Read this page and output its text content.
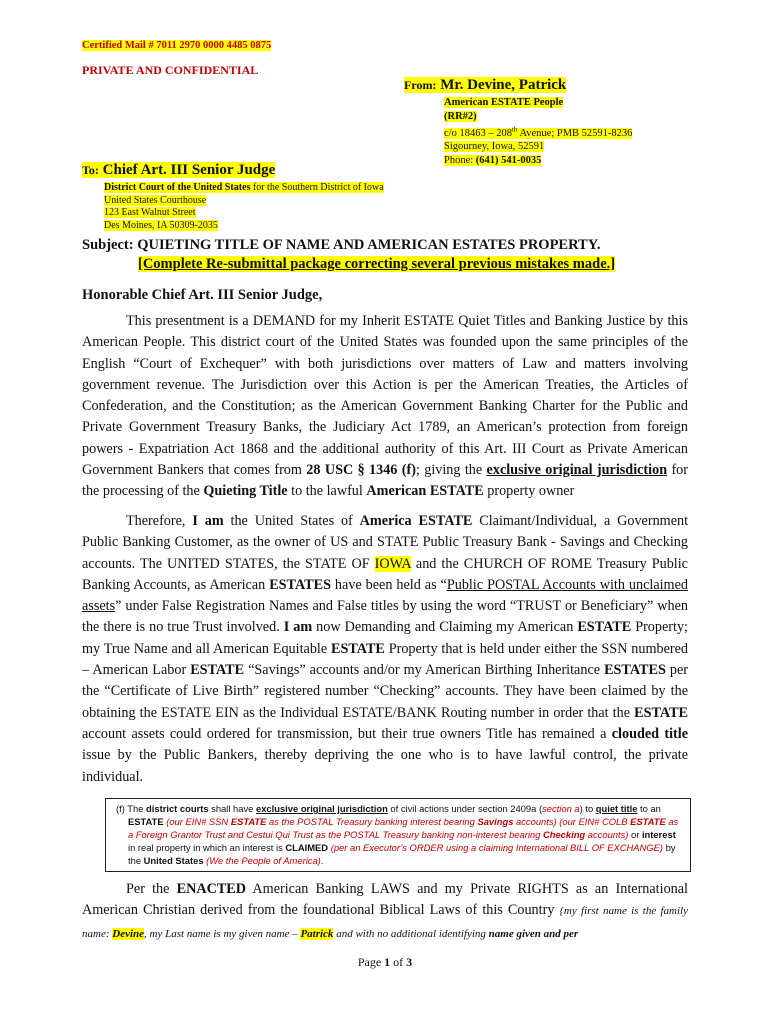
Certified Mail # 7011 2970 0000 4485 0875
PRIVATE AND CONFIDENTIAL
From: Mr. Devine, Patrick
American ESTATE People
(RR#2)
c/o 18463 – 208th Avenue; PMB 52591-8236
Sigourney, Iowa, 52591
Phone: (641) 541-0035
To: Chief Art. III Senior Judge
District Court of the United States for the Southern District of Iowa
United States Courthouse
123 East Walnut Street
Des Moines, IA 50309-2035
Subject: QUIETING TITLE OF NAME AND AMERICAN ESTATES PROPERTY.
[Complete Re-submittal package correcting several previous mistakes made.]
Honorable Chief Art. III Senior Judge,
This presentment is a DEMAND for my Inherit ESTATE Quiet Titles and Banking Justice by this American People. This district court of the United States was founded upon the same principles of the English “Court of Exchequer” with both jurisdictions over matters of Law and matters involving government revenue. The Jurisdiction over this Action is per the American Treaties, the Articles of Confederation, and the Constitution; as the American Government Banking Charter for the Public and Private Government Treasury Banks, the Judiciary Act 1789, an American’s protection from foreign powers - Expatriation Act 1868 and the additional authority of this Art. III Court as Private American Government Bankers that comes from 28 USC § 1346 (f); giving the exclusive original jurisdiction for the processing of the Quieting Title to the lawful American ESTATE property owner
Therefore, I am the United States of America ESTATE Claimant/Individual, a Government Public Banking Customer, as the owner of US and STATE Public Treasury Bank - Savings and Checking accounts. The UNITED STATES, the STATE OF IOWA and the CHURCH OF ROME Treasury Public Banking Accounts, as American ESTATES have been held as “Public POSTAL Accounts with unclaimed assets” under False Registration Names and False titles by using the word “TRUST or Beneficiary” when the there is no true Trust involved. I am now Demanding and Claiming my American ESTATE Property; my True Name and all American Equitable ESTATE Property that is held under either the SSN numbered – American Labor ESTATE “Savings” accounts and/or my American Birthing Inheritance ESTATES per the “Certificate of Live Birth” registered number “Checking” accounts. They have been claimed by the obtaining the ESTATE EIN as the Individual ESTATE/BANK Routing number in order that the ESTATE account assets could ordered for transmission, but their true owners Title has remained a clouded title issue by the Public Bankers, thereby depriving the one who is to have lawful control, the private individual.
(f) The district courts shall have exclusive original jurisdiction of civil actions under section 2409a (section a) to quiet title to an ESTATE (our EIN# SSN ESTATE as the POSTAL Treasury banking interest bearing Savings accounts) (our EIN# COLB ESTATE as a Foreign Grantor Trust and Cestui Qui Trust as the POSTAL Treasury banking non-interest bearing Checking accounts) or interest in real property in which an interest is CLAIMED (per an Executor’s ORDER using a claiming International BILL OF EXCHANGE) by the United States (We the People of America).
Per the ENACTED American Banking LAWS and my Private RIGHTS as an International American Christian derived from the foundational Biblical Laws of this Country {my first name is the family name: Devine, my Last name is my given name – Patrick and with no additional identifying name given and per
Page 1 of 3
